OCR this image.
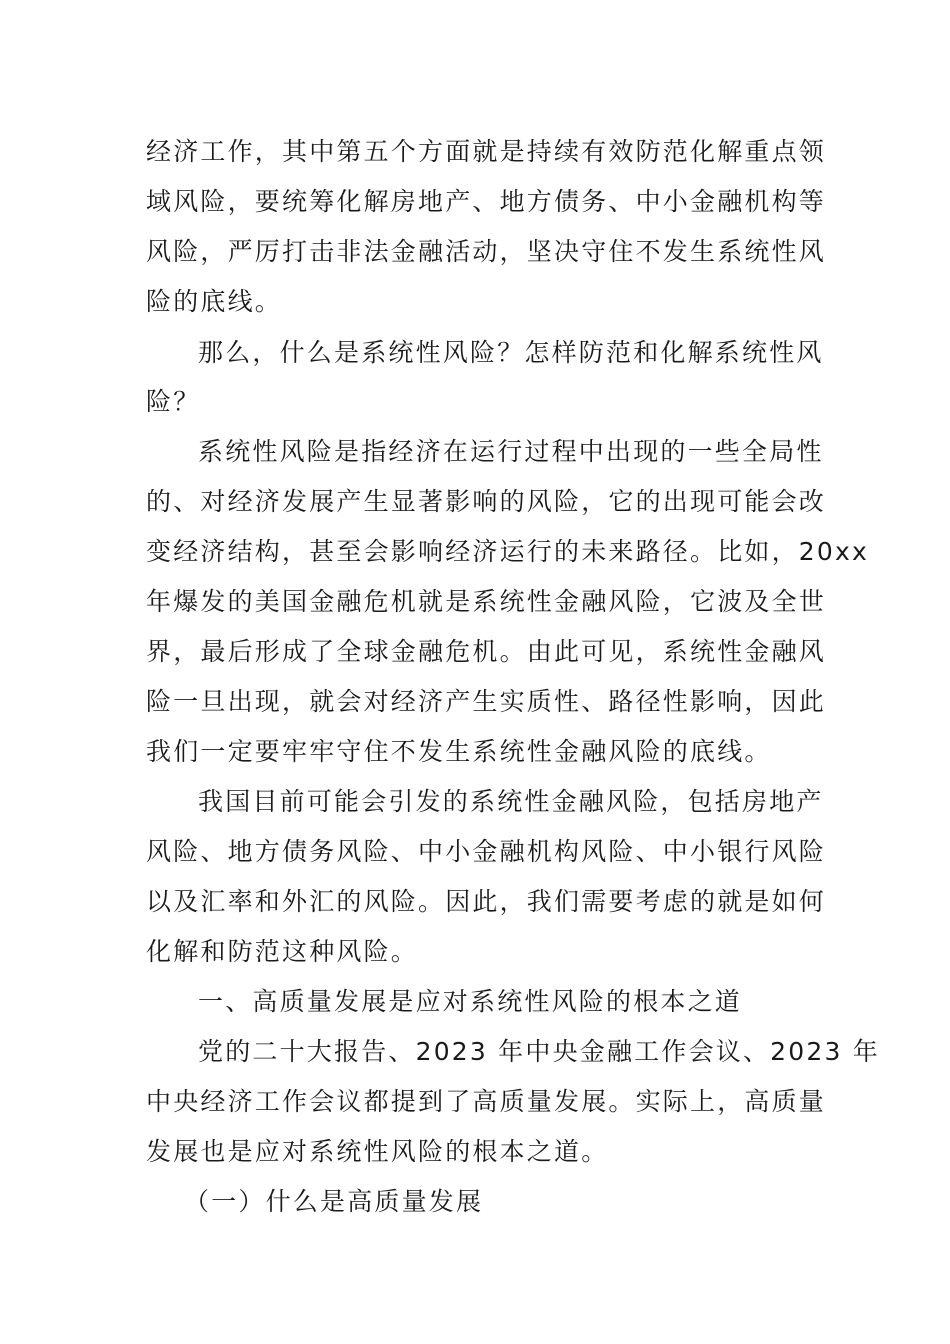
经济工作，其中第五个方面就是持续有效防范化解重点领
域风险，要统筹化解房地产、地方债务、中小金融机构等
风险，严厉打击非法金融活动，坚决守住不发生系统性风
险的底线。
那么，什么是系统性风险？怎样防范和化解系统性风
险？
系统性风险是指经济在运行过程中出现的一些全局性
的、对经济发展产生显著影响的风险，它的出现可能会改
变经济结构，甚至会影响经济运行的未来路径。比如，20xx
年爆发的美国金融危机就是系统性金融风险，它波及全世
界，最后形成了全球金融危机。由此可见，系统性金融风
险一旦出现，就会对经济产生实质性、路径性影响，因此
我们一定要牢牢守住不发生系统性金融风险的底线。
我国目前可能会引发的系统性金融风险，包括房地产
风险、地方债务风险、中小金融机构风险、中小银行风险
以及汇率和外汇的风险。因此，我们需要考虑的就是如何
化解和防范这种风险。
一、高质量发展是应对系统性风险的根本之道
党的二十大报告、2023 年中央金融工作会议、2023 年
中央经济工作会议都提到了高质量发展。实际上，高质量
发展也是应对系统性风险的根本之道。
（一）什么是高质量发展
